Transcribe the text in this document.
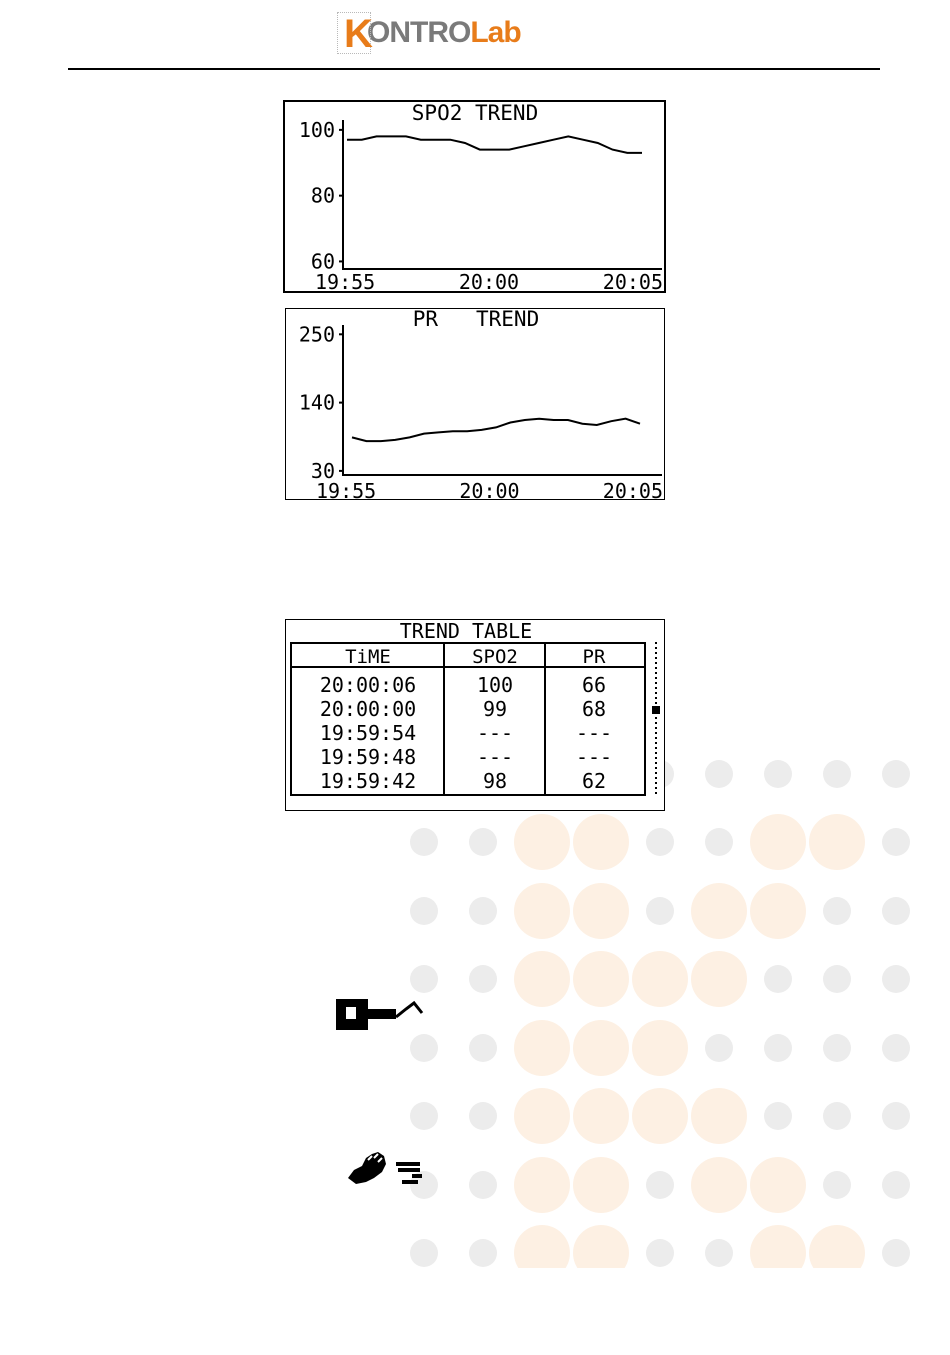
K
ONTRO Lab
SPO2 TREND
100
80
60
19:55	20:00	20:05
PR   TREND
250
140
30
19:55	20:00	20:05
TREND TABLE
TiME	SPO2	PR
20:00:06	100	66
20:00:00	99	68
19:59:54	---	---
19:59:48	---	---
19:59:42	98	62
